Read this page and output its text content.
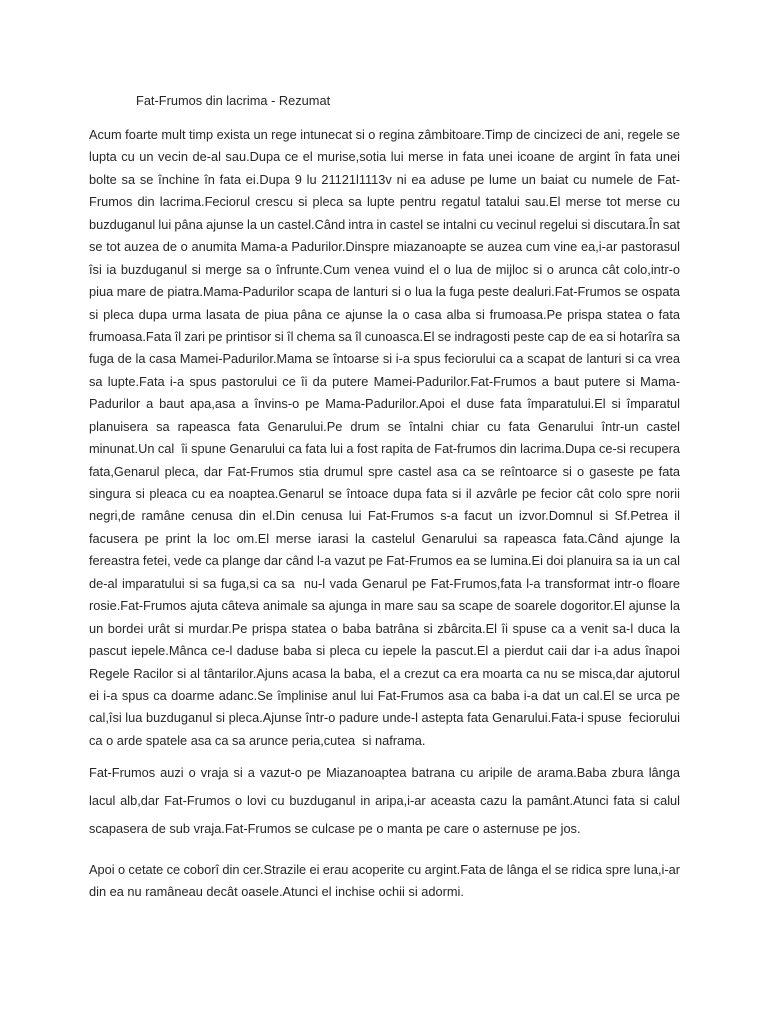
Fat-Frumos din lacrima - Rezumat
Acum foarte mult timp exista un rege intunecat si o regina zâmbitoare.Timp de cincizeci de ani, regele se
lupta cu un vecin de-al sau.Dupa ce el murise,sotia lui merse in fata unei icoane de argint în fata unei
bolte sa se închine în fata ei.Dupa 9 lu 21121l1113v ni ea aduse pe lume un baiat cu numele de Fat-
Frumos din lacrima.Feciorul crescu si pleca sa lupte pentru regatul tatalui sau.El merse tot merse cu
buzduganul lui pâna ajunse la un castel.Când intra in castel se intalni cu vecinul regelui si discutara.În sat
se tot auzea de o anumita Mama-a Padurilor.Dinspre miazanoapte se auzea cum vine ea,i-ar pastorasul
îsi ia buzduganul si merge sa o înfrunte.Cum venea vuind el o lua de mijloc si o arunca cât colo,intr-o
piua mare de piatra.Mama-Padurilor scapa de lanturi si o lua la fuga peste dealuri.Fat-Frumos se ospata
si pleca dupa urma lasata de piua pâna ce ajunse la o casa alba si frumoasa.Pe prispa statea o fata
frumoasa.Fata îl zari pe printisor si îl chema sa îl cunoasca.El se indragosti peste cap de ea si hotarîra sa
fuga de la casa Mamei-Padurilor.Mama se întoarse si i-a spus feciorului ca a scapat de lanturi si ca vrea
sa lupte.Fata i-a spus pastorului ce îi da putere Mamei-Padurilor.Fat-Frumos a baut putere si Mama-
Padurilor a baut apa,asa a învins-o pe Mama-Padurilor.Apoi el duse fata împaratului.El si împaratul
planuisera sa rapeasca fata Genarului.Pe drum se întalni chiar cu fata Genarului într-un castel
minunat.Un cal  îi spune Genarului ca fata lui a fost rapita de Fat-frumos din lacrima.Dupa ce-si recupera
fata,Genarul pleca, dar Fat-Frumos stia drumul spre castel asa ca se reîntoarce si o gaseste pe fata
singura si pleaca cu ea noaptea.Genarul se întoace dupa fata si il azvârle pe fecior cât colo spre norii
negri,de ramâne cenusa din el.Din cenusa lui Fat-Frumos s-a facut un izvor.Domnul si Sf.Petrea il
facusera pe print la loc om.El merse iarasi la castelul Genarului sa rapeasca fata.Când ajunge la
fereastra fetei, vede ca plange dar când l-a vazut pe Fat-Frumos ea se lumina.Ei doi planuira sa ia un cal
de-al imparatului si sa fuga,si ca sa  nu-l vada Genarul pe Fat-Frumos,fata l-a transformat intr-o floare
rosie.Fat-Frumos ajuta câteva animale sa ajunga in mare sau sa scape de soarele dogoritor.El ajunse la
un bordei urât si murdar.Pe prispa statea o baba batrâna si zbârcita.El îi spuse ca a venit sa-l duca la
pascut iepele.Mânca ce-l daduse baba si pleca cu iepele la pascut.El a pierdut caii dar i-a adus înapoi
Regele Racilor si al tântarilor.Ajuns acasa la baba, el a crezut ca era moarta ca nu se misca,dar ajutorul
ei i-a spus ca doarme adanc.Se împlinise anul lui Fat-Frumos asa ca baba i-a dat un cal.El se urca pe
cal,îsi lua buzduganul si pleca.Ajunse într-o padure unde-l astepta fata Genarului.Fata-i spuse  feciorului
ca o arde spatele asa ca sa arunce peria,cutea  si naframa.
Fat-Frumos auzi o vraja si a vazut-o pe Miazanoaptea batrana cu aripile de arama.Baba zbura lânga
lacul alb,dar Fat-Frumos o lovi cu buzduganul in aripa,i-ar aceasta cazu la pamânt.Atunci fata si calul
scapasera de sub vraja.Fat-Frumos se culcase pe o manta pe care o asternuse pe jos.
Apoi o cetate ce coborî din cer.Strazile ei erau acoperite cu argint.Fata de lânga el se ridica spre luna,i-ar
din ea nu ramâneau decât oasele.Atunci el inchise ochii si adormi.
